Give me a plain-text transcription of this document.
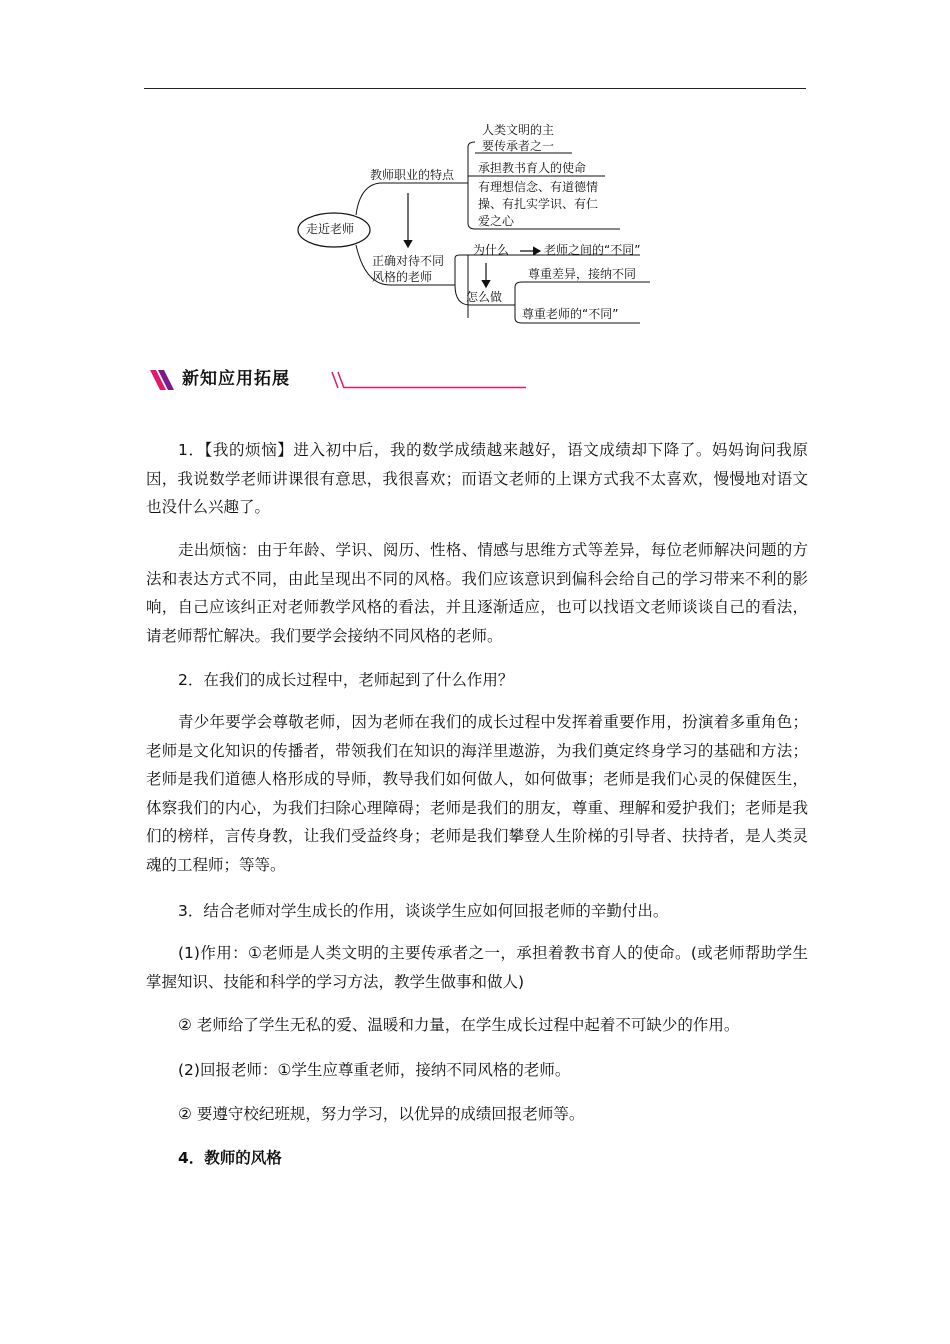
走近老师
教师职业的特点
人类文明的主
要传承者之一
承担教书育人的使命
有理想信念、有道德情
操、有扎实学识、有仁
爱之心
正确对待不同
风格的老师
为什么	老师之间的“不同”
怎么做
尊重差异，接纳不同
尊重老师的“不同”
新知应用拓展
1．【我的烦恼】进入初中后，我的数学成绩越来越好，语文成绩却下降了。妈妈询问我原因，我说数学老师讲课很有意思，我很喜欢；而语文老师的上课方式我不太喜欢，慢慢地对语文也没什么兴趣了。
走出烦恼：由于年龄、学识、阅历、性格、情感与思维方式等差异，每位老师解决问题的方法和表达方式不同，由此呈现出不同的风格。我们应该意识到偏科会给自己的学习带来不利的影响，自己应该纠正对老师教学风格的看法，并且逐渐适应，也可以找语文老师谈谈自己的看法，请老师帮忙解决。我们要学会接纳不同风格的老师。
2．在我们的成长过程中，老师起到了什么作用？
青少年要学会尊敬老师，因为老师在我们的成长过程中发挥着重要作用，扮演着多重角色；老师是文化知识的传播者，带领我们在知识的海洋里遨游，为我们奠定终身学习的基础和方法；老师是我们道德人格形成的导师，教导我们如何做人，如何做事；老师是我们心灵的保健医生，体察我们的内心，为我们扫除心理障碍；老师是我们的朋友，尊重、理解和爱护我们；老师是我们的榜样，言传身教，让我们受益终身；老师是我们攀登人生阶梯的引导者、扶持者，是人类灵魂的工程师；等等。
3．结合老师对学生成长的作用，谈谈学生应如何回报老师的辛勤付出。
(1)作用：①老师是人类文明的主要传承者之一，承担着教书育人的使命。(或老师帮助学生掌握知识、技能和科学的学习方法，教学生做事和做人)
② 老师给了学生无私的爱、温暖和力量，在学生成长过程中起着不可缺少的作用。
(2)回报老师：①学生应尊重老师，接纳不同风格的老师。
② 要遵守校纪班规，努力学习，以优异的成绩回报老师等。
4．教师的风格
